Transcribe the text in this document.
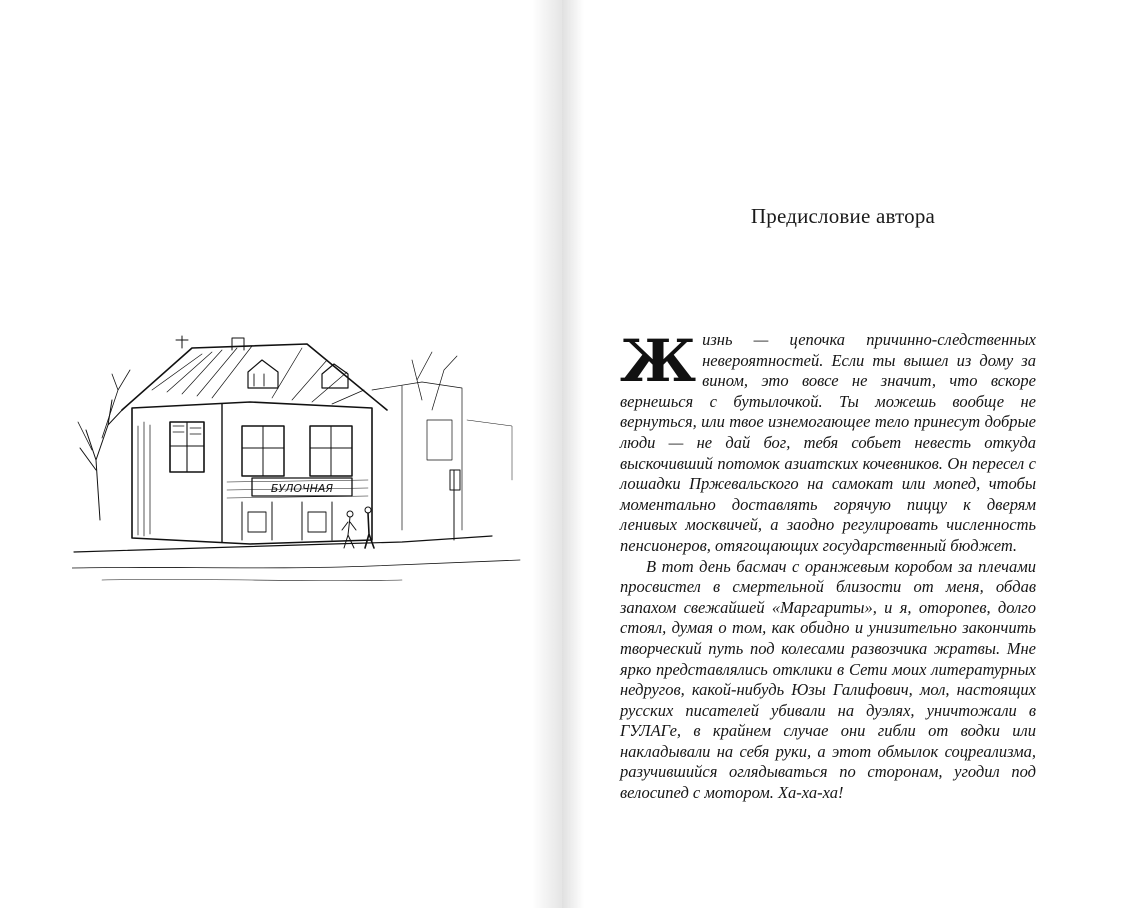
БУЛОЧНАЯ
Предисловие автора

Жизнь — цепочка причинно-следственных невероятностей. Если ты вышел из дому за вином, это вовсе не значит, что вскоре вернешься с бутылочкой. Ты можешь вообще не вернуться, или твое изнемогающее тело принесут добрые люди — не дай бог, тебя собьет невесть откуда выскочивший потомок азиатских кочевников. Он пересел с лошадки Пржевальского на самокат или мопед, чтобы моментально доставлять горячую пиццу к дверям ленивых москвичей, а заодно регулировать численность пенсионеров, отягощающих государственный бюджет.

В тот день басмач с оранжевым коробом за плечами просвистел в смертельной близости от меня, обдав запахом свежайшей «Маргариты», и я, оторопев, долго стоял, думая о том, как обидно и унизительно закончить творческий путь под колесами развозчика жратвы. Мне ярко представлялись отклики в Сети моих литературных недругов, какой-нибудь Юзы Галифович, мол, настоящих русских писателей убивали на дуэлях, уничтожали в ГУЛАГе, в крайнем случае они гибли от водки или накладывали на себя руки, а этот обмылок соцреализма, разучившийся оглядываться по сторонам, угодил под велосипед с мотором. Ха-ха-ха!
